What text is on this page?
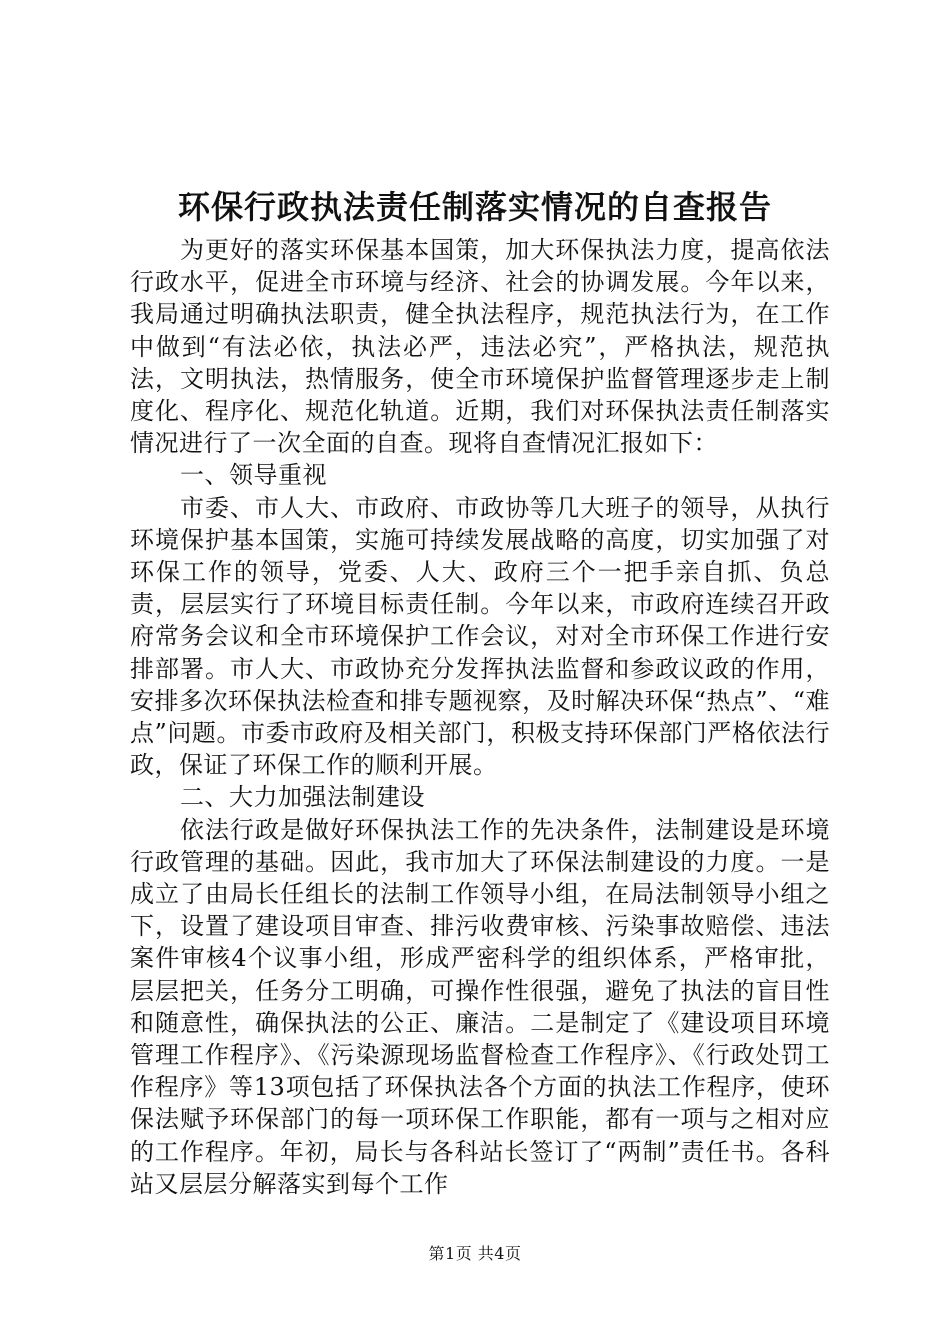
环保行政执法责任制落实情况的自查报告

为更好的落实环保基本国策，加大环保执法力度，提高依法行政水平，促进全市环境与经济、社会的协调发展。今年以来，我局通过明确执法职责，健全执法程序，规范执法行为，在工作中做到“有法必依，执法必严，违法必究”，严格执法，规范执法，文明执法，热情服务，使全市环境保护监督管理逐步走上制度化、程序化、规范化轨道。近期，我们对环保执法责任制落实情况进行了一次全面的自查。现将自查情况汇报如下：

一、领导重视

市委、市人大、市政府、市政协等几大班子的领导，从执行环境保护基本国策，实施可持续发展战略的高度，切实加强了对环保工作的领导，党委、人大、政府三个一把手亲自抓、负总责，层层实行了环境目标责任制。今年以来，市政府连续召开政府常务会议和全市环境保护工作会议，对对全市环保工作进行安排部署。市人大、市政协充分发挥执法监督和参政议政的作用，安排多次环保执法检查和排专题视察，及时解决环保“热点”、“难点”问题。市委市政府及相关部门，积极支持环保部门严格依法行政，保证了环保工作的顺利开展。

二、大力加强法制建设

依法行政是做好环保执法工作的先决条件，法制建设是环境行政管理的基础。因此，我市加大了环保法制建设的力度。一是成立了由局长任组长的法制工作领导小组，在局法制领导小组之下，设置了建设项目审查、排污收费审核、污染事故赔偿、违法案件审核4个议事小组，形成严密科学的组织体系，严格审批，层层把关，任务分工明确，可操作性很强，避免了执法的盲目性和随意性，确保执法的公正、廉洁。二是制定了《建设项目环境管理工作程序》、《污染源现场监督检查工作程序》、《行政处罚工作程序》等13项包括了环保执法各个方面的执法工作程序，使环保法赋予环保部门的每一项环保工作职能，都有一项与之相对应的工作程序。年初，局长与各科站长签订了“两制”责任书。各科站又层层分解落实到每个工作

第1页 共4页
